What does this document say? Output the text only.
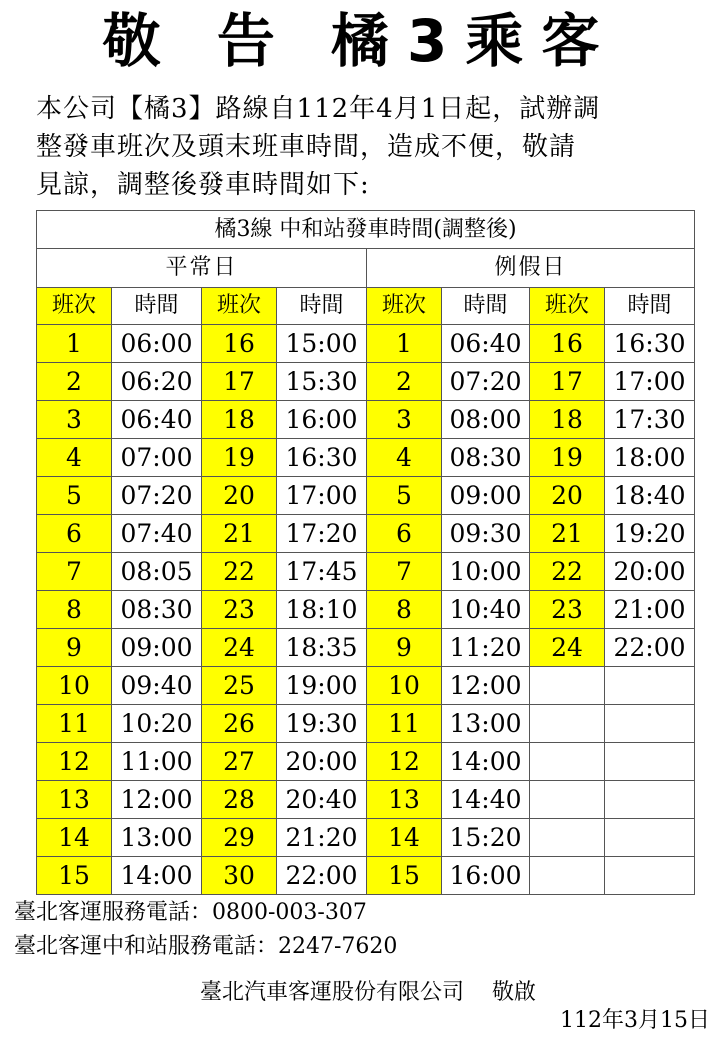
敬 告 橘3乘客

本公司【橘3】路線自112年4月1日起，試辦調

整發車班次及頭末班車時間，造成不便，敬請

見諒，調整後發車時間如下:

橘3線 中和站發車時間(調整後)							
平常日				例假日			
班次	時間	班次	時間	班次	時間	班次	時間
1	06:00	16	15:00	1	06:40	16	16:30
2	06:20	17	15:30	2	07:20	17	17:00
3	06:40	18	16:00	3	08:00	18	17:30
4	07:00	19	16:30	4	08:30	19	18:00
5	07:20	20	17:00	5	09:00	20	18:40
6	07:40	21	17:20	6	09:30	21	19:20
7	08:05	22	17:45	7	10:00	22	20:00
8	08:30	23	18:10	8	10:40	23	21:00
9	09:00	24	18:35	9	11:20	24	22:00
10	09:40	25	19:00	10	12:00		
11	10:20	26	19:30	11	13:00		
12	11:00	27	20:00	12	14:00		
13	12:00	28	20:40	13	14:40		
14	13:00	29	21:20	14	15:20		
15	14:00	30	22:00	15	16:00		

臺北客運服務電話：0800-003-307

臺北客運中和站服務電話：2247-7620

臺北汽車客運股份有限公司 敬啟
112年3月15日
